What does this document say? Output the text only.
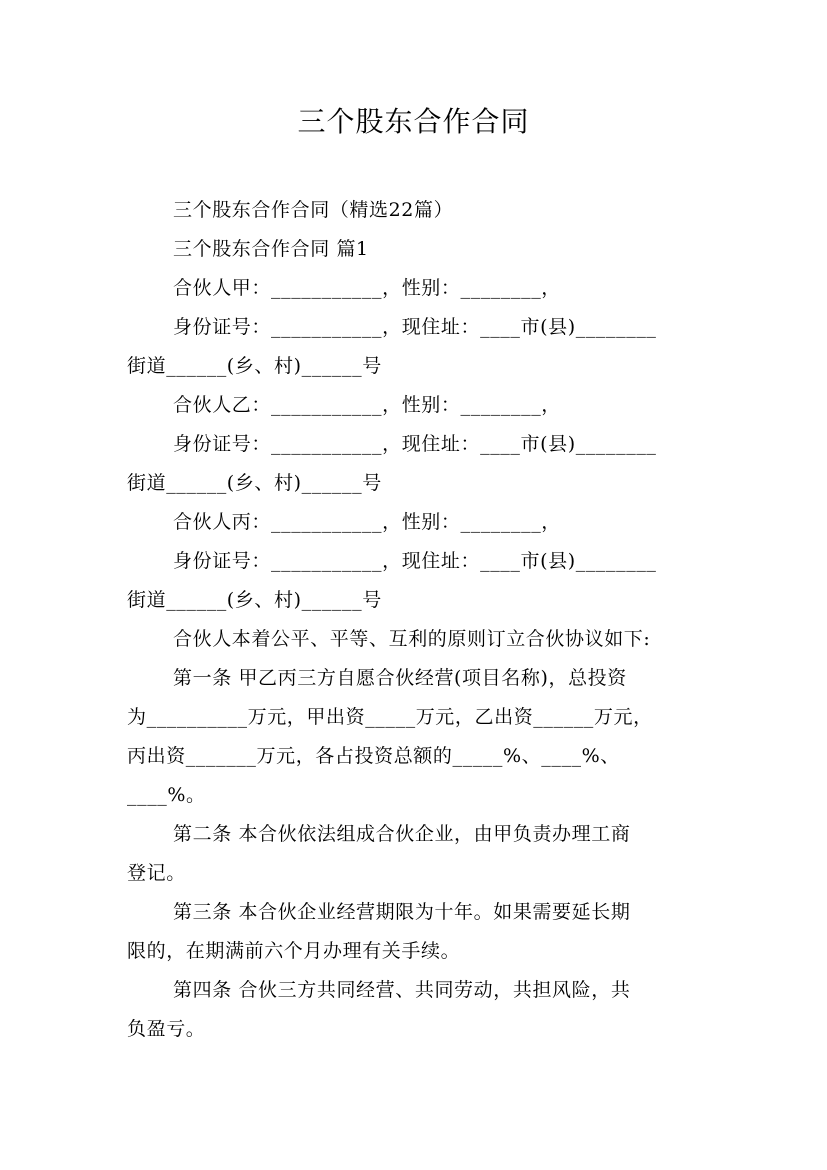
三个股东合作合同
三个股东合作合同（精选22篇）
三个股东合作合同 篇1
合伙人甲：___________，性别：________，
身份证号：___________，现住址：____市(县)________
街道______(乡、村)______号
合伙人乙：___________，性别：________，
身份证号：___________，现住址：____市(县)________
街道______(乡、村)______号
合伙人丙：___________，性别：________，
身份证号：___________，现住址：____市(县)________
街道______(乡、村)______号
合伙人本着公平、平等、互利的原则订立合伙协议如下:
第一条 甲乙丙三方自愿合伙经营(项目名称)，总投资
为__________万元，甲出资_____万元，乙出资______万元，
丙出资_______万元，各占投资总额的_____%、____%、
____%。
第二条 本合伙依法组成合伙企业，由甲负责办理工商
登记。
第三条 本合伙企业经营期限为十年。如果需要延长期
限的，在期满前六个月办理有关手续。
第四条 合伙三方共同经营、共同劳动，共担风险，共
负盈亏。
